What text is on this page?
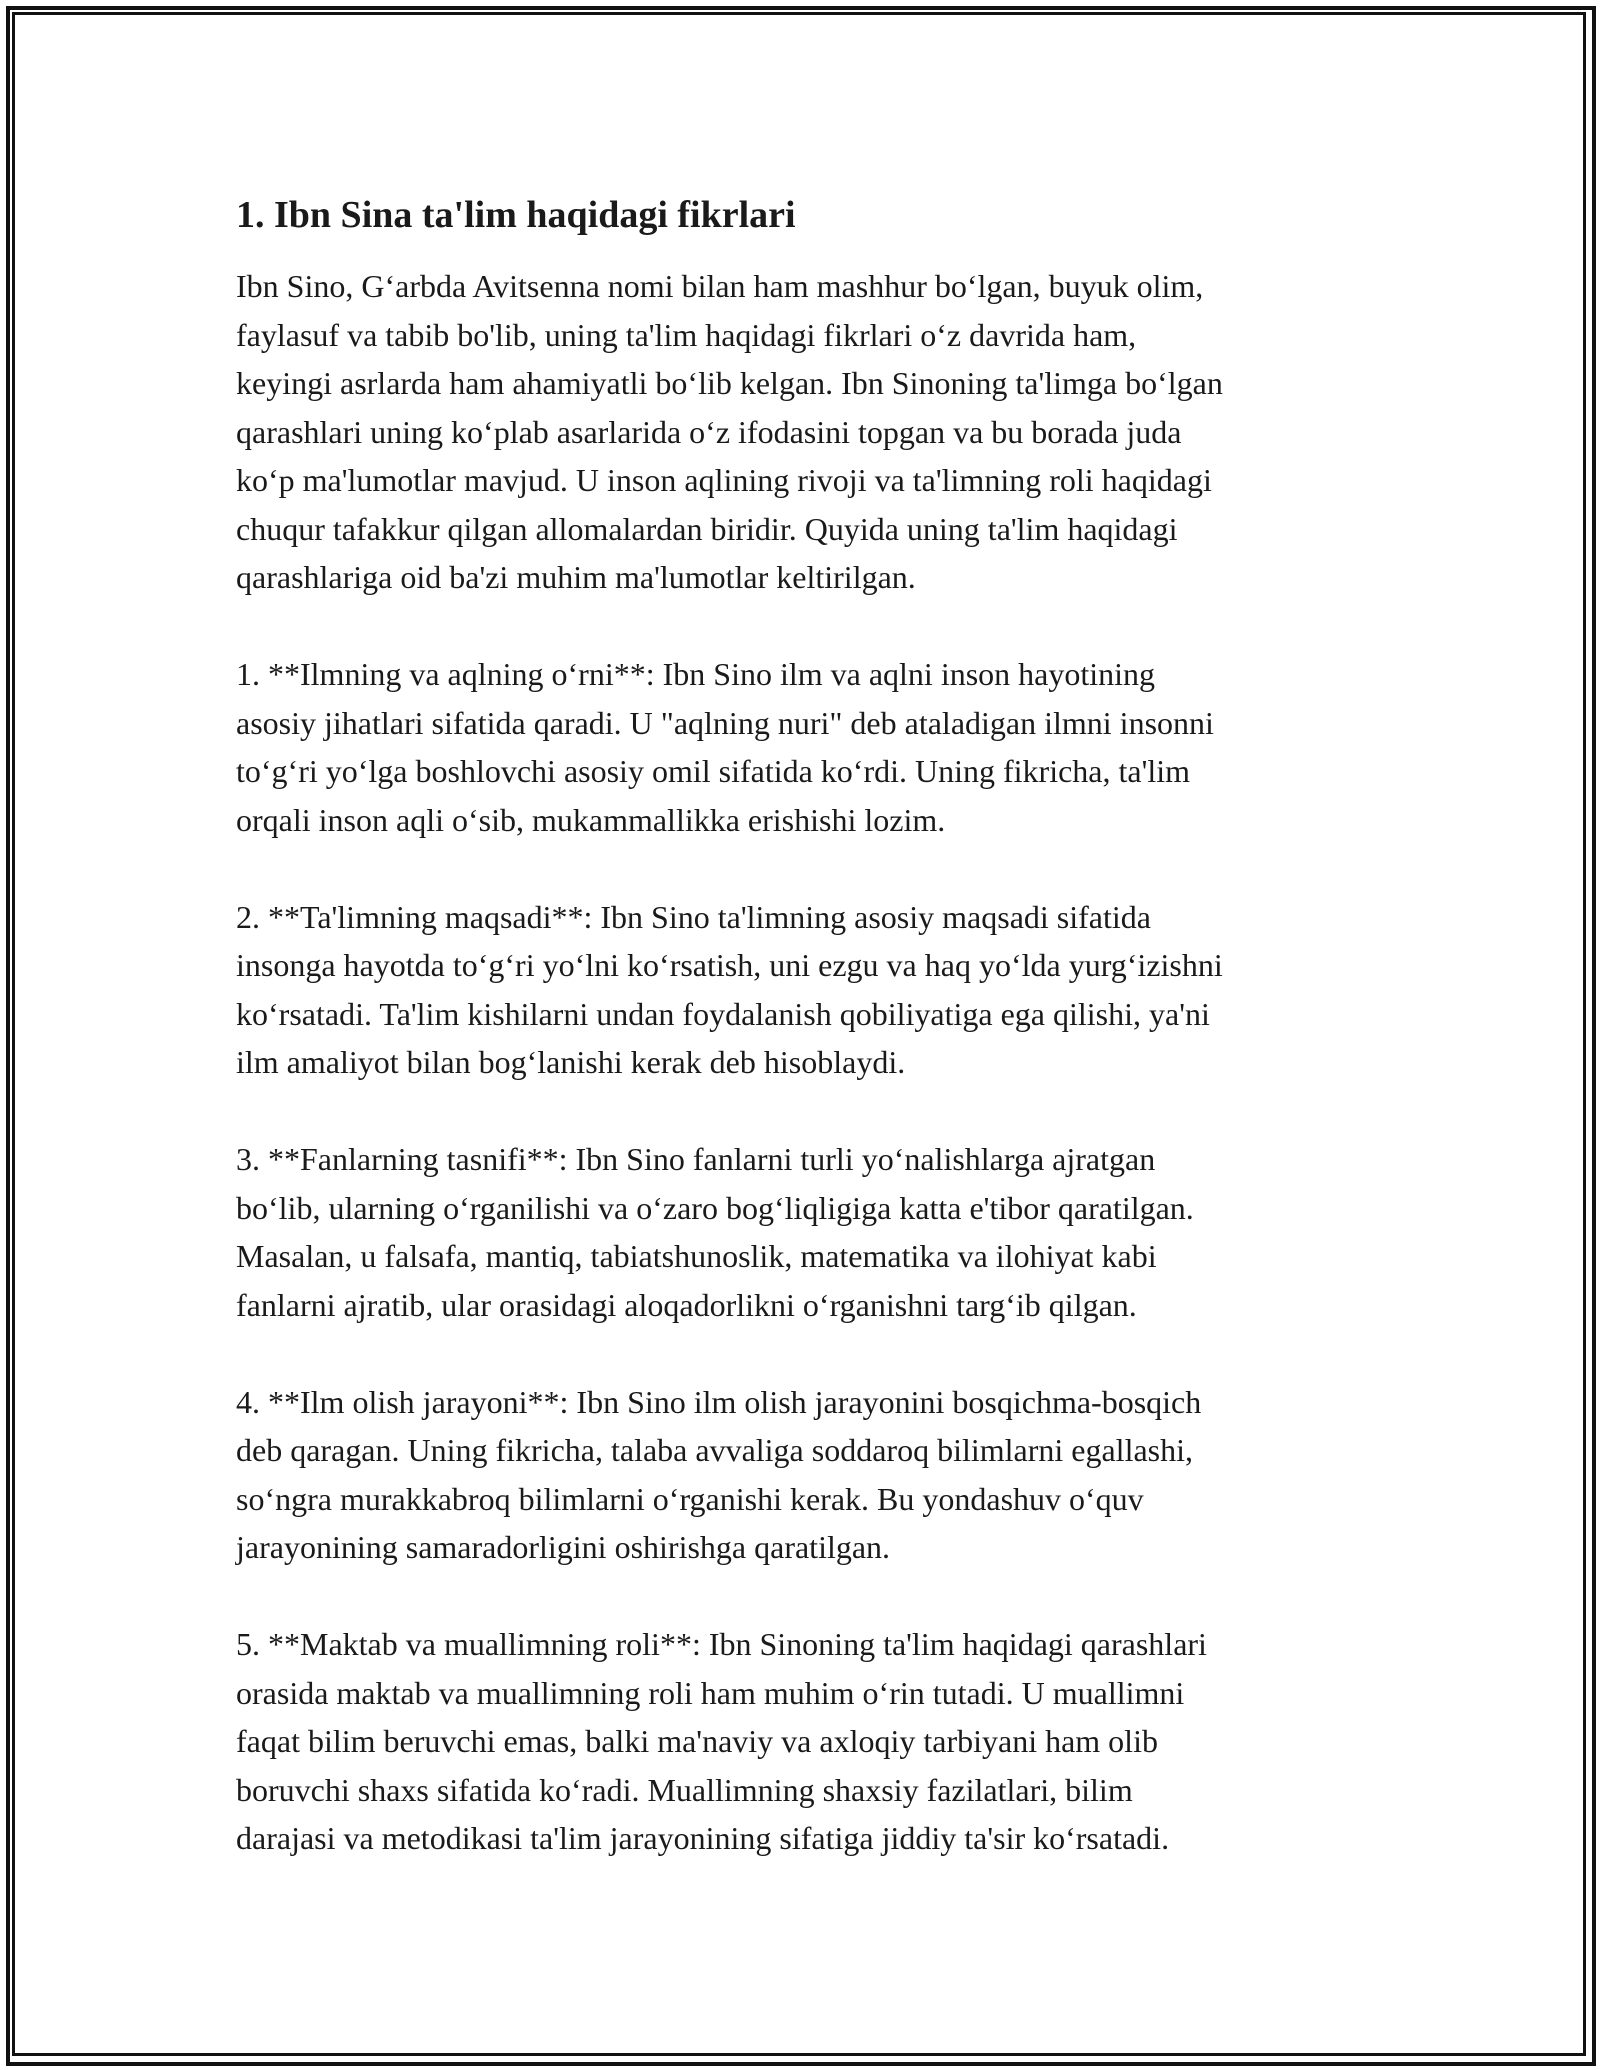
1. Ibn Sina ta'lim haqidagi fikrlari
Ibn Sino, G‘arbda Avitsenna nomi bilan ham mashhur bo‘lgan, buyuk olim,
faylasuf va tabib bo'lib, uning ta'lim haqidagi fikrlari o‘z davrida ham,
keyingi asrlarda ham ahamiyatli bo‘lib kelgan. Ibn Sinoning ta'limga bo‘lgan
qarashlari uning ko‘plab asarlarida o‘z ifodasini topgan va bu borada juda
ko‘p ma'lumotlar mavjud. U inson aqlining rivoji va ta'limning roli haqidagi
chuqur tafakkur qilgan allomalardan biridir. Quyida uning ta'lim haqidagi
qarashlariga oid ba'zi muhim ma'lumotlar keltirilgan.
1. **Ilmning va aqlning o‘rni**: Ibn Sino ilm va aqlni inson hayotining
asosiy jihatlari sifatida qaradi. U "aqlning nuri" deb ataladigan ilmni insonni
to‘g‘ri yo‘lga boshlovchi asosiy omil sifatida ko‘rdi. Uning fikricha, ta'lim
orqali inson aqli o‘sib, mukammallikka erishishi lozim.
2. **Ta'limning maqsadi**: Ibn Sino ta'limning asosiy maqsadi sifatida
insonga hayotda to‘g‘ri yo‘lni ko‘rsatish, uni ezgu va haq yo‘lda yurg‘izishni
ko‘rsatadi. Ta'lim kishilarni undan foydalanish qobiliyatiga ega qilishi, ya'ni
ilm amaliyot bilan bog‘lanishi kerak deb hisoblaydi.
3. **Fanlarning tasnifi**: Ibn Sino fanlarni turli yo‘nalishlarga ajratgan
bo‘lib, ularning o‘rganilishi va o‘zaro bog‘liqligiga katta e'tibor qaratilgan.
Masalan, u falsafa, mantiq, tabiatshunoslik, matematika va ilohiyat kabi
fanlarni ajratib, ular orasidagi aloqadorlikni o‘rganishni targ‘ib qilgan.
4. **Ilm olish jarayoni**: Ibn Sino ilm olish jarayonini bosqichma-bosqich
deb qaragan. Uning fikricha, talaba avvaliga soddaroq bilimlarni egallashi,
so‘ngra murakkabroq bilimlarni o‘rganishi kerak. Bu yondashuv o‘quv
jarayonining samaradorligini oshirishga qaratilgan.
5. **Maktab va muallimning roli**: Ibn Sinoning ta'lim haqidagi qarashlari
orasida maktab va muallimning roli ham muhim o‘rin tutadi. U muallimni
faqat bilim beruvchi emas, balki ma'naviy va axloqiy tarbiyani ham olib
boruvchi shaxs sifatida ko‘radi. Muallimning shaxsiy fazilatlari, bilim
darajasi va metodikasi ta'lim jarayonining sifatiga jiddiy ta'sir ko‘rsatadi.
